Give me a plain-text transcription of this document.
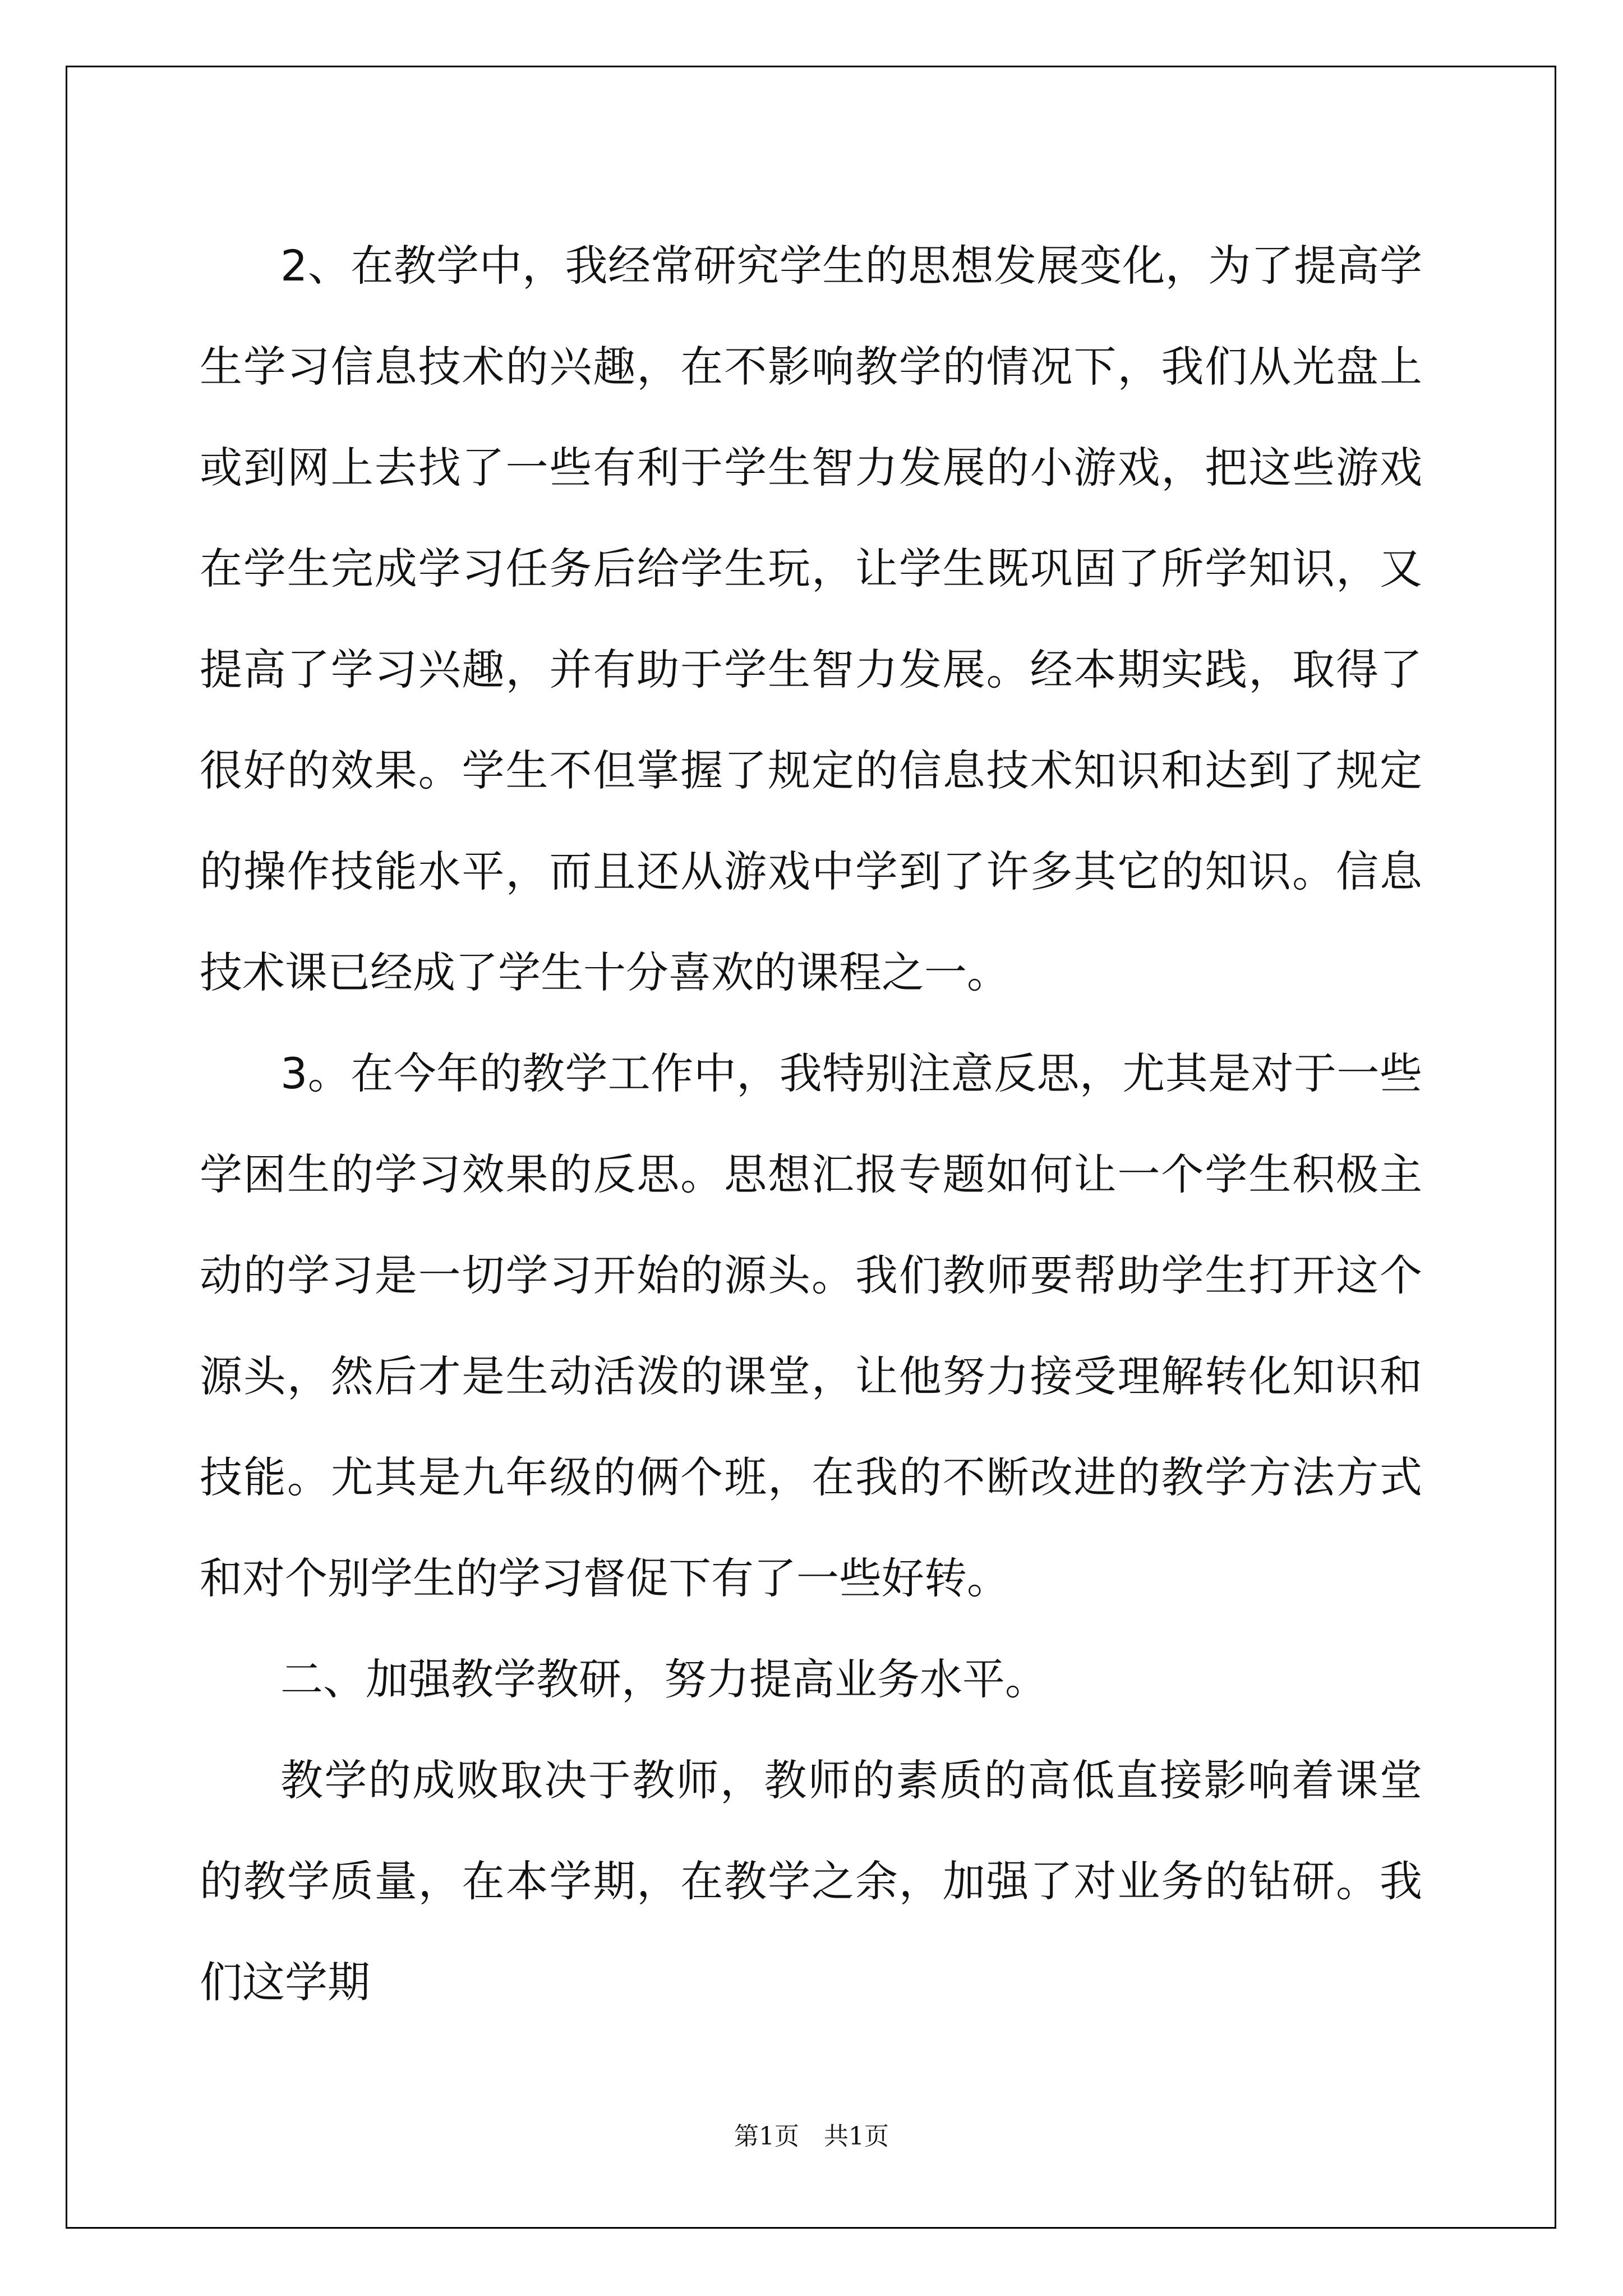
2、在教学中，我经常研究学生的思想发展变化，为了提高学生学习信息技术的兴趣，在不影响教学的情况下，我们从光盘上或到网上去找了一些有利于学生智力发展的小游戏，把这些游戏在学生完成学习任务后给学生玩，让学生既巩固了所学知识，又提高了学习兴趣，并有助于学生智力发展。经本期实践，取得了很好的效果。学生不但掌握了规定的信息技术知识和达到了规定的操作技能水平，而且还从游戏中学到了许多其它的知识。信息技术课已经成了学生十分喜欢的课程之一。

3。在今年的教学工作中，我特别注意反思，尤其是对于一些学困生的学习效果的反思。思想汇报专题如何让一个学生积极主动的学习是一切学习开始的源头。我们教师要帮助学生打开这个源头，然后才是生动活泼的课堂，让他努力接受理解转化知识和技能。尤其是九年级的俩个班，在我的不断改进的教学方法方式和对个别学生的学习督促下有了一些好转。

二、加强教学教研，努力提高业务水平。

教学的成败取决于教师，教师的素质的高低直接影响着课堂的教学质量，在本学期，在教学之余，加强了对业务的钻研。我们这学期

第1页　共1页
